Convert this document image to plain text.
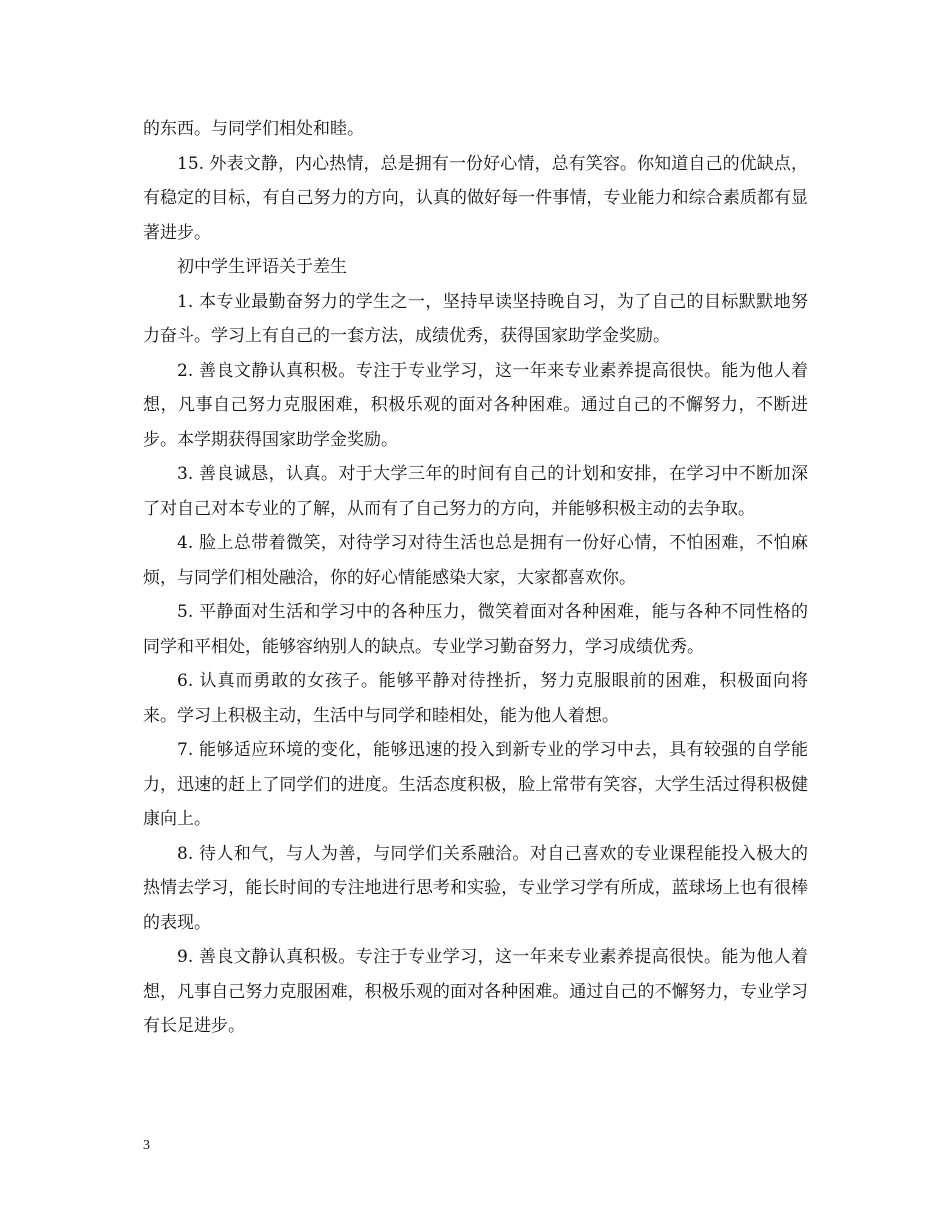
的东西。与同学们相处和睦。

15. 外表文静，内心热情，总是拥有一份好心情，总有笑容。你知道自己的优缺点，有稳定的目标，有自己努力的方向，认真的做好每一件事情，专业能力和综合素质都有显著进步。

初中学生评语关于差生

1. 本专业最勤奋努力的学生之一，坚持早读坚持晚自习，为了自己的目标默默地努力奋斗。学习上有自己的一套方法，成绩优秀，获得国家助学金奖励。

2. 善良文静认真积极。专注于专业学习，这一年来专业素养提高很快。能为他人着想，凡事自己努力克服困难，积极乐观的面对各种困难。通过自己的不懈努力，不断进步。本学期获得国家助学金奖励。

3. 善良诚恳，认真。对于大学三年的时间有自己的计划和安排，在学习中不断加深了对自己对本专业的了解，从而有了自己努力的方向，并能够积极主动的去争取。

4. 脸上总带着微笑，对待学习对待生活也总是拥有一份好心情，不怕困难，不怕麻烦，与同学们相处融洽，你的好心情能感染大家，大家都喜欢你。

5. 平静面对生活和学习中的各种压力，微笑着面对各种困难，能与各种不同性格的同学和平相处，能够容纳别人的缺点。专业学习勤奋努力，学习成绩优秀。

6. 认真而勇敢的女孩子。能够平静对待挫折，努力克服眼前的困难，积极面向将来。学习上积极主动，生活中与同学和睦相处，能为他人着想。

7. 能够适应环境的变化，能够迅速的投入到新专业的学习中去，具有较强的自学能力，迅速的赶上了同学们的进度。生活态度积极，脸上常带有笑容，大学生活过得积极健康向上。

8. 待人和气，与人为善，与同学们关系融洽。对自己喜欢的专业课程能投入极大的热情去学习，能长时间的专注地进行思考和实验，专业学习学有所成，蓝球场上也有很棒的表现。

9. 善良文静认真积极。专注于专业学习，这一年来专业素养提高很快。能为他人着想，凡事自己努力克服困难，积极乐观的面对各种困难。通过自己的不懈努力，专业学习有长足进步。

3
